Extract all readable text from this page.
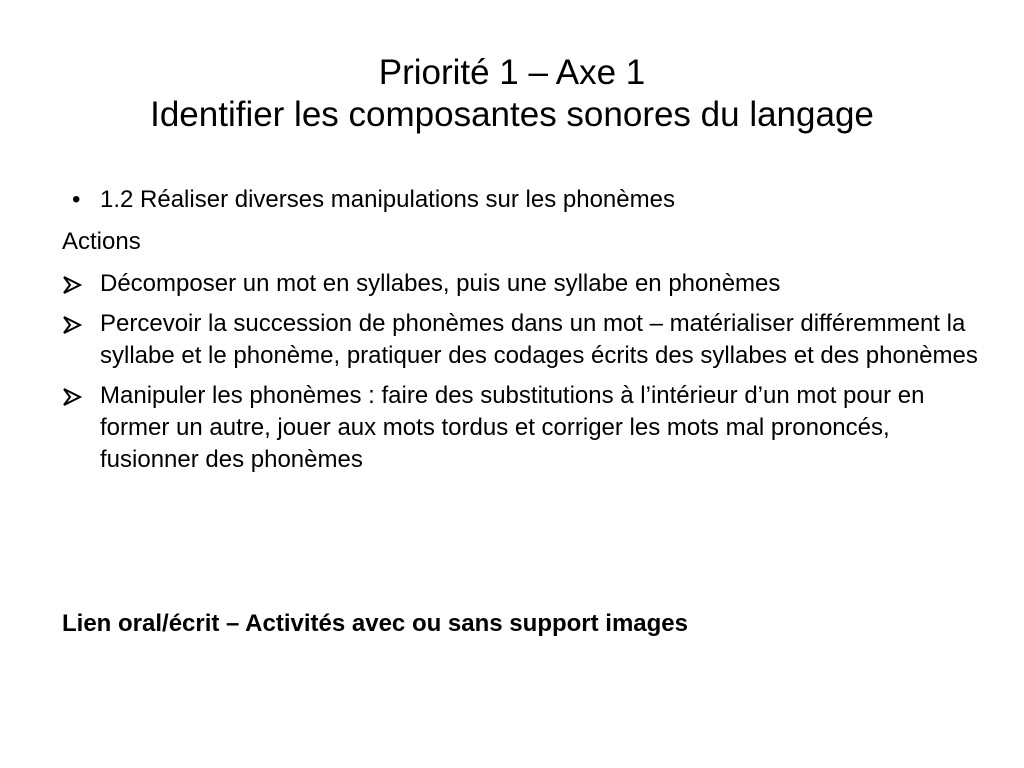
Priorité 1 – Axe 1
Identifier les composantes sonores du langage
• 1.2 Réaliser diverses manipulations sur les phonèmes
Actions
Décomposer un mot en syllabes, puis une syllabe en phonèmes
Percevoir la succession de phonèmes dans un mot – matérialiser différemment la syllabe et le phonème, pratiquer des codages écrits des syllabes et des phonèmes
Manipuler les phonèmes : faire des substitutions à l’intérieur d’un mot pour en former un autre, jouer aux mots tordus et corriger les mots mal prononcés, fusionner des phonèmes
Lien oral/écrit – Activités avec ou sans support images
